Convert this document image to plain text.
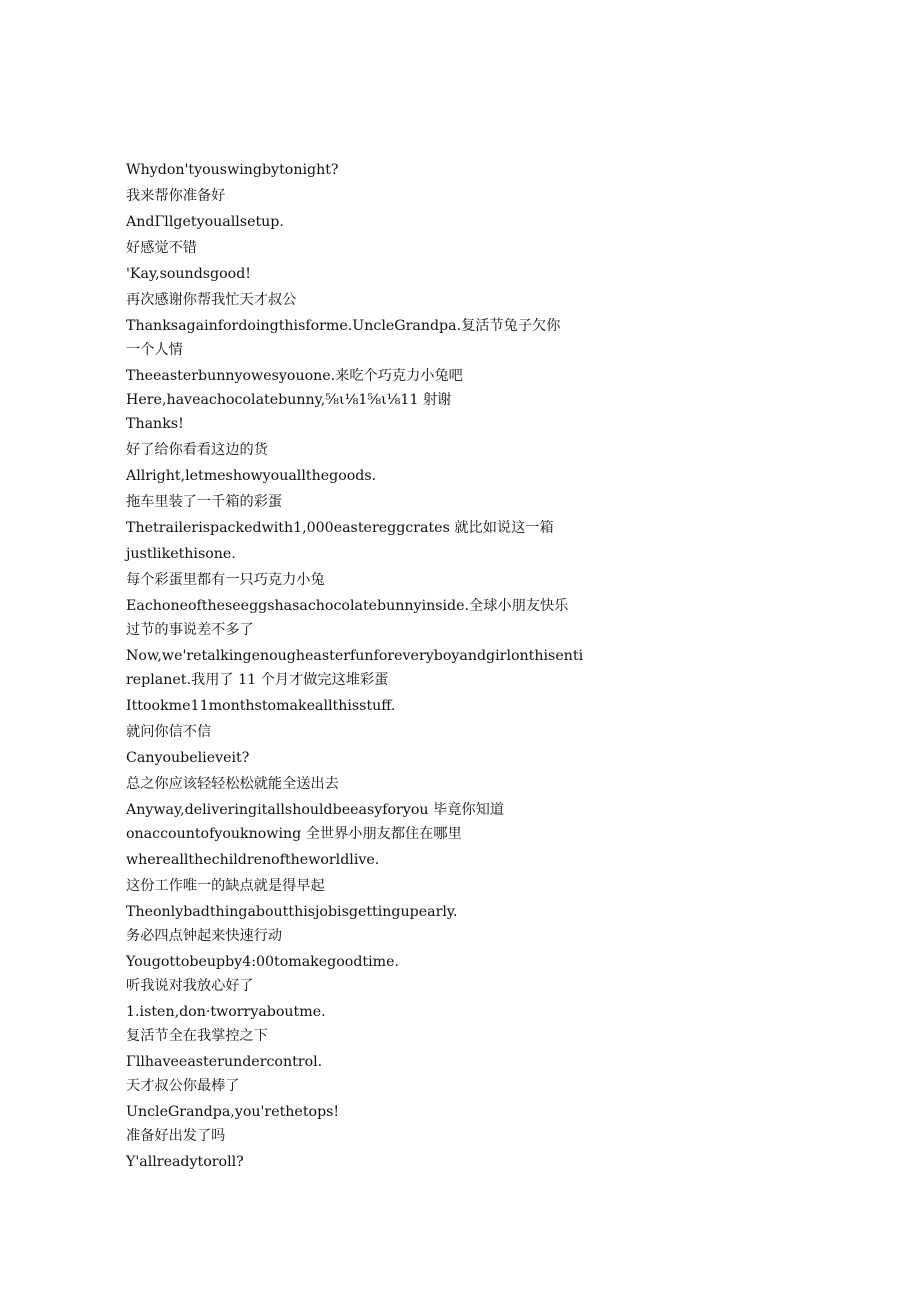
Whydon'tyouswingbytonight?

我来帮你准备好

AndΓllgetyouallsetup.

好感觉不错

'Kay,soundsgood!

再次感谢你帮我忙天才叔公

Thanksagainfordoingthisforme.UncleGrandpa.复活节兔子欠你

一个人情

Theeasterbunnyowesyouone.来吃个巧克力小兔吧

Here,haveachocolatebunny,⅝ι⅛1⅝ι⅛11 射谢

Thanks!

好了给你看看这边的货

Allright,letmeshowyouallthegoods.

拖车里装了一千箱的彩蛋

Thetrailerispackedwith1,000eastereggcrates 就比如说这一箱

justlikethisone.

每个彩蛋里都有一只巧克力小兔

Eachoneoftheseeggshasachocolatebunnyinside.全球小朋友快乐

过节的事说差不多了

Now,we'retalkingenougheasterfunforeveryboyandgirlonthisenti

replanet.我用了 11 个月才做完这堆彩蛋

Ittookme11monthstomakeallthisstuff.

就问你信不信

Canyoubelieveit?

总之你应该轻轻松松就能全送出去

Anyway,deliveringitallshouldbeeasyforyou 毕竟你知道

onaccountofyouknowing 全世界小朋友都住在哪里

whereallthechildrenoftheworldlive.

这份工作唯一的缺点就是得早起

Theonlybadthingaboutthisjobisgettingupearly.

务必四点钟起来快速行动

Yougottobeupby4:00tomakegoodtime.

听我说对我放心好了

1.isten,don·tworryaboutme.

复活节全在我掌控之下

Γllhaveeasterundercontrol.

天才叔公你最棒了

UncleGrandpa,you'rethetops!

准备好出发了吗

Y'allreadytoroll?
